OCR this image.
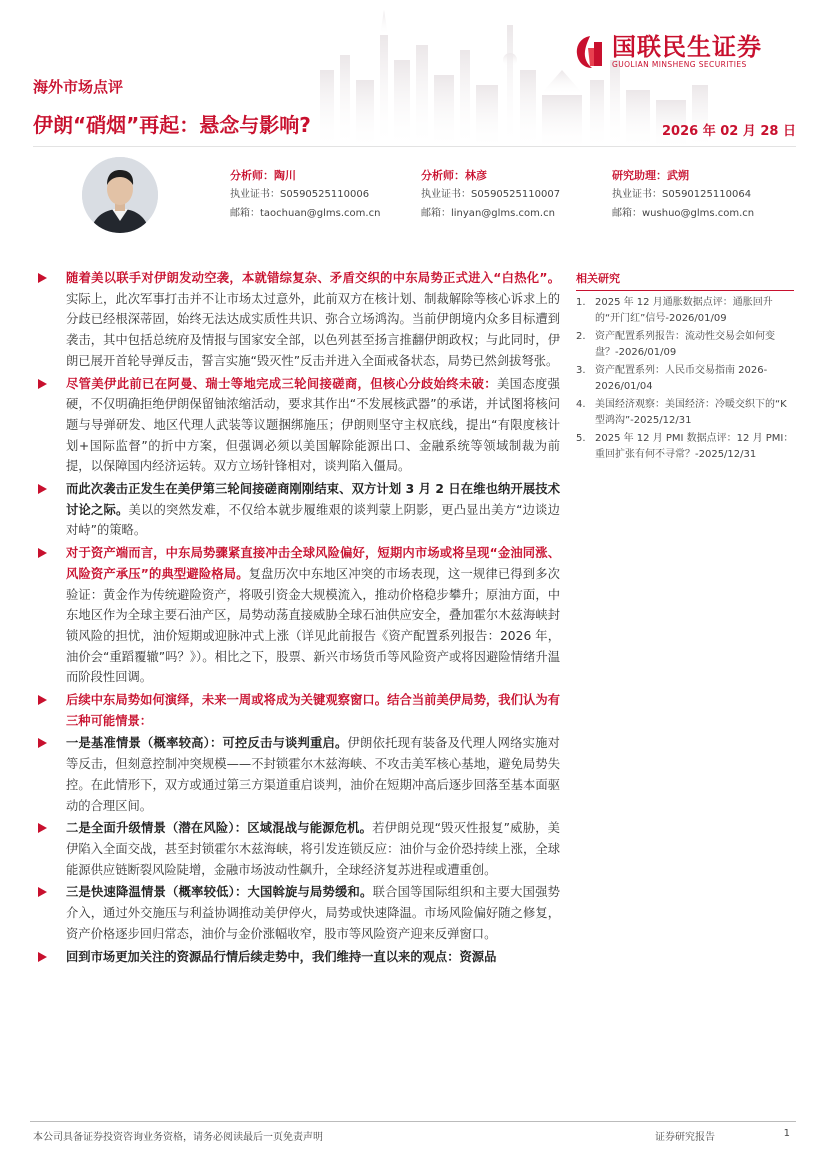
国联民生证券
GUOLIAN MINSHENG SECURITIES
海外市场点评
伊朗“硝烟”再起：悬念与影响?	2026 年 02 月 28 日
分析师：陶川
执业证书：S0590525110006
邮箱：taochuan@glms.com.cn
分析师：林彦
执业证书：S0590525110007
邮箱：linyan@glms.com.cn
研究助理：武朔
执业证书：S0590125110064
邮箱：wushuo@glms.com.cn
随着美以联手对伊朗发动空袭，本就错综复杂、矛盾交织的中东局势正式进入“白热化”。实际上，此次军事打击并不让市场太过意外，此前双方在核计划、制裁解除等核心诉求上的分歧已经根深蒂固，始终无法达成实质性共识、弥合立场鸿沟。当前伊朗境内众多目标遭到袭击，其中包括总统府及情报与国家安全部，以色列甚至扬言推翻伊朗政权；与此同时，伊朗已展开首轮导弹反击，誓言实施“毁灭性”反击并进入全面戒备状态，局势已然剑拔弩张。
尽管美伊此前已在阿曼、瑞士等地完成三轮间接磋商，但核心分歧始终未破：美国态度强硬，不仅明确拒绝伊朗保留铀浓缩活动，要求其作出“不发展核武器”的承诺，并试图将核问题与导弹研发、地区代理人武装等议题捆绑施压；伊朗则坚守主权底线，提出“有限度核计划+国际监督”的折中方案，但强调必须以美国解除能源出口、金融系统等领域制裁为前提，以保障国内经济运转。双方立场针锋相对，谈判陷入僵局。
而此次袭击正发生在美伊第三轮间接磋商刚刚结束、双方计划 3 月 2 日在维也纳开展技术讨论之际。美以的突然发难，不仅给本就步履维艰的谈判蒙上阴影，更凸显出美方“边谈边对峙”的策略。
对于资产端而言，中东局势骤紧直接冲击全球风险偏好，短期内市场或将呈现“金油同涨、风险资产承压”的典型避险格局。复盘历次中东地区冲突的市场表现，这一规律已得到多次验证：黄金作为传统避险资产，将吸引资金大规模流入，推动价格稳步攀升；原油方面，中东地区作为全球主要石油产区，局势动荡直接威胁全球石油供应安全，叠加霍尔木兹海峡封锁风险的担忧，油价短期或迎脉冲式上涨（详见此前报告《资产配置系列报告：2026 年，油价会“重蹈覆辙”吗？》）。相比之下，股票、新兴市场货币等风险资产或将因避险情绪升温而阶段性回调。
后续中东局势如何演绎，未来一周或将成为关键观察窗口。结合当前美伊局势，我们认为有三种可能情景：
一是基准情景（概率较高）：可控反击与谈判重启。伊朗依托现有装备及代理人网络实施对等反击，但刻意控制冲突规模——不封锁霍尔木兹海峡、不攻击美军核心基地，避免局势失控。在此情形下，双方或通过第三方渠道重启谈判，油价在短期冲高后逐步回落至基本面驱动的合理区间。
二是全面升级情景（潜在风险）：区域混战与能源危机。若伊朗兑现“毁灭性报复”威胁，美伊陷入全面交战，甚至封锁霍尔木兹海峡，将引发连锁反应：油价与金价恐持续上涨，全球能源供应链断裂风险陡增，金融市场波动性飙升，全球经济复苏进程或遭重创。
三是快速降温情景（概率较低）：大国斡旋与局势缓和。联合国等国际组织和主要大国强势介入，通过外交施压与利益协调推动美伊停火，局势或快速降温。市场风险偏好随之修复，资产价格逐步回归常态，油价与金价涨幅收窄，股市等风险资产迎来反弹窗口。
回到市场更加关注的资源品行情后续走势中，我们维持一直以来的观点：资源品
相关研究
1. 2025 年 12 月通胀数据点评：通胀回升的“开门红”信号-2026/01/09
2. 资产配置系列报告：流动性交易会如何变盘？-2026/01/09
3. 资产配置系列：人民币交易指南 2026-2026/01/04
4. 美国经济观察：美国经济：冷暖交织下的“K 型鸿沟”-2025/12/31
5. 2025 年 12 月 PMI 数据点评：12 月 PMI：重回扩张有何不寻常？-2025/12/31
本公司具备证券投资咨询业务资格，请务必阅读最后一页免责声明	证券研究报告	1
